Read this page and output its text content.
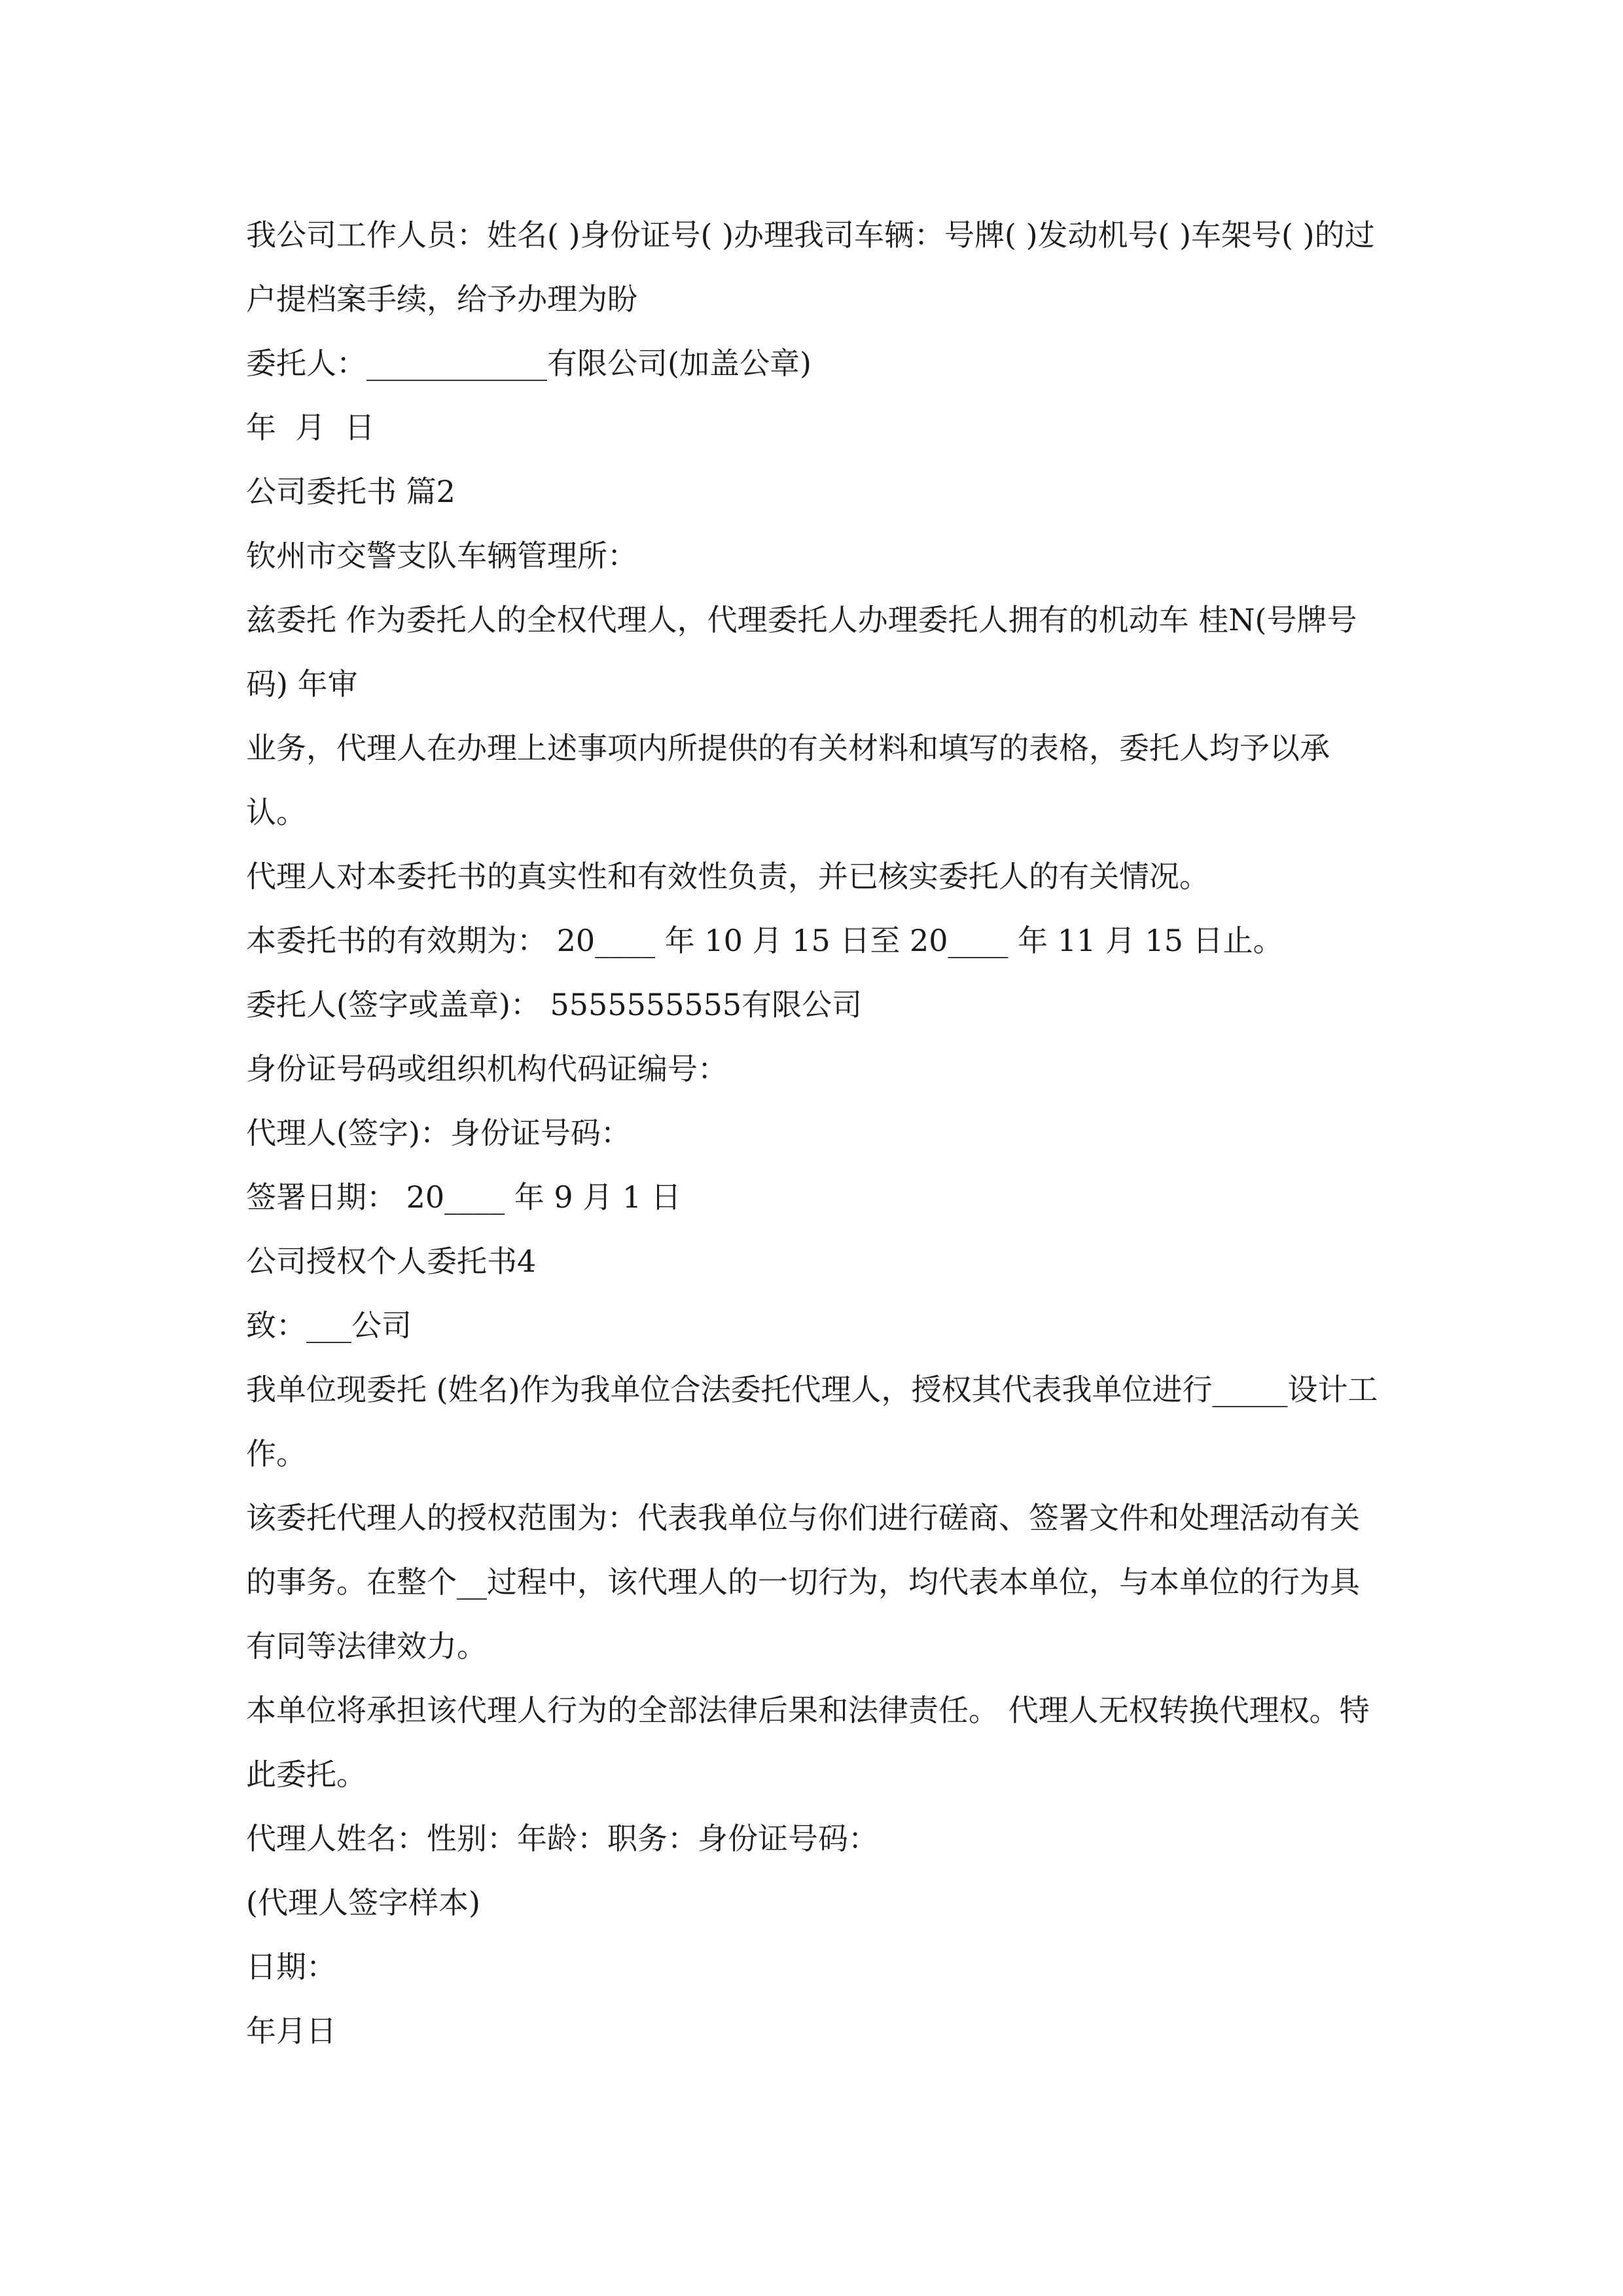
我公司工作人员：姓名( )身份证号( )办理我司车辆：号牌( )发动机号( )车架号( )的过户提档案手续，给予办理为盼

委托人：____________有限公司(加盖公章)

年  月  日

公司委托书 篇2

钦州市交警支队车辆管理所：

兹委托 作为委托人的全权代理人，代理委托人办理委托人拥有的机动车 桂N(号牌号码) 年审

业务，代理人在办理上述事项内所提供的有关材料和填写的表格，委托人均予以承认。

代理人对本委托书的真实性和有效性负责，并已核实委托人的有关情况。

本委托书的有效期为： 20____ 年 10 月 15 日至 20____ 年 11 月 15 日止。

委托人(签字或盖章)： 5555555555有限公司

身份证号码或组织机构代码证编号：

代理人(签字)：身份证号码：

签署日期： 20____ 年 9 月 1 日

公司授权个人委托书4

致：___公司

我单位现委托 (姓名)作为我单位合法委托代理人，授权其代表我单位进行_____设计工作。

该委托代理人的授权范围为：代表我单位与你们进行磋商、签署文件和处理活动有关的事务。在整个__过程中，该代理人的一切行为，均代表本单位，与本单位的行为具有同等法律效力。

本单位将承担该代理人行为的全部法律后果和法律责任。 代理人无权转换代理权。特此委托。

代理人姓名：性别：年龄：职务：身份证号码：

(代理人签字样本)

日期：

年月日
